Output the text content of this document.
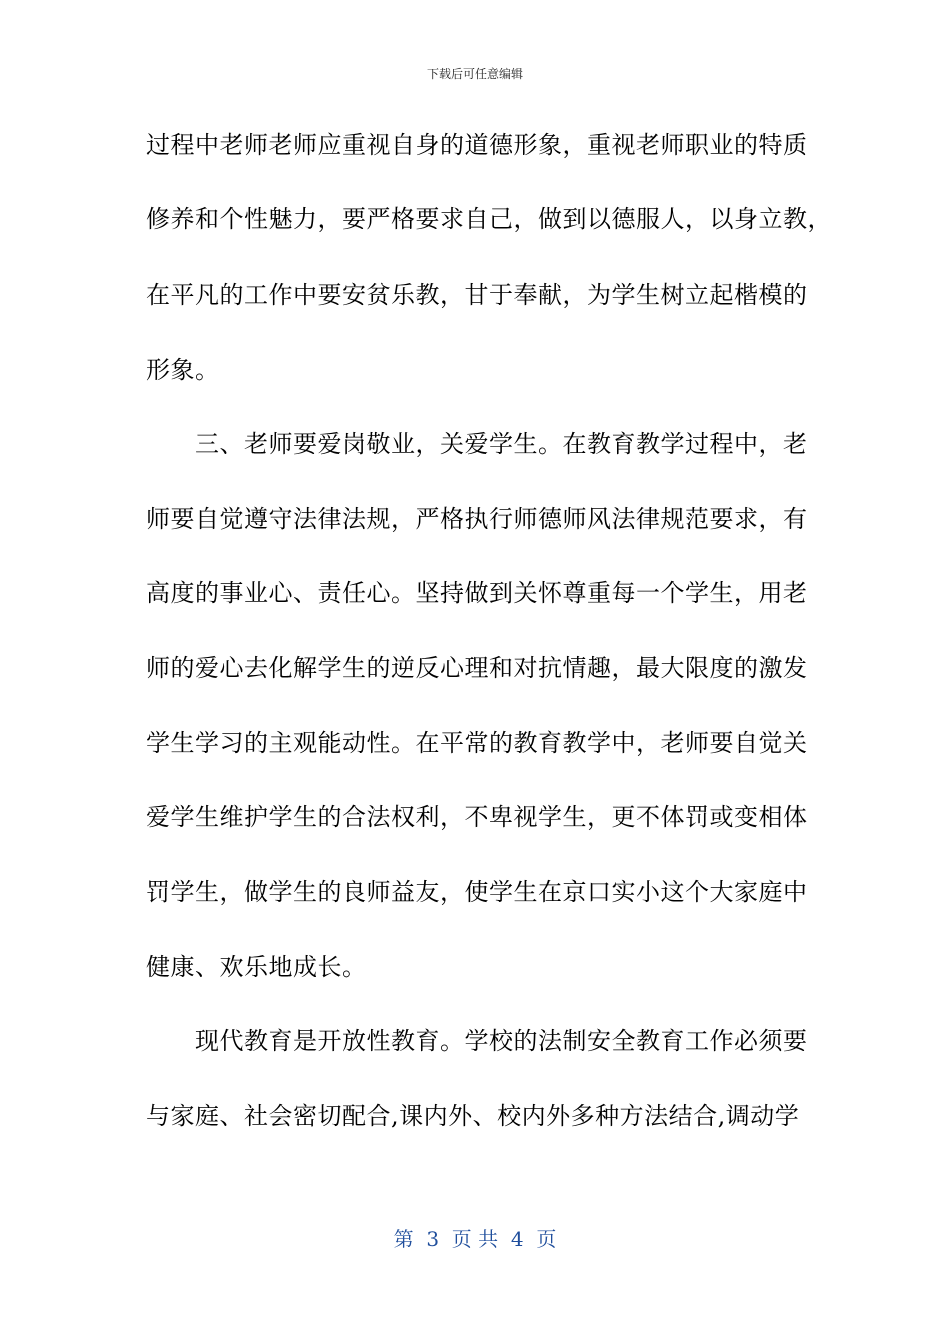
下载后可任意编辑
过程中老师老师应重视自身的道德形象，重视老师职业的特质
修养和个性魅力，要严格要求自己，做到以德服人，以身立教，
在平凡的工作中要安贫乐教，甘于奉献，为学生树立起楷模的
形象。
　　三、老师要爱岗敬业，关爱学生。在教育教学过程中，老
师要自觉遵守法律法规，严格执行师德师风法律规范要求，有
高度的事业心、责任心。坚持做到关怀尊重每一个学生，用老
师的爱心去化解学生的逆反心理和对抗情趣，最大限度的激发
学生学习的主观能动性。在平常的教育教学中，老师要自觉关
爱学生维护学生的合法权利，不卑视学生，更不体罚或变相体
罚学生，做学生的良师益友，使学生在京口实小这个大家庭中
健康、欢乐地成长。
　　现代教育是开放性教育。学校的法制安全教育工作必须要
与家庭、社会密切配合,课内外、校内外多种方法结合,调动学
第  3  页 共  4  页
